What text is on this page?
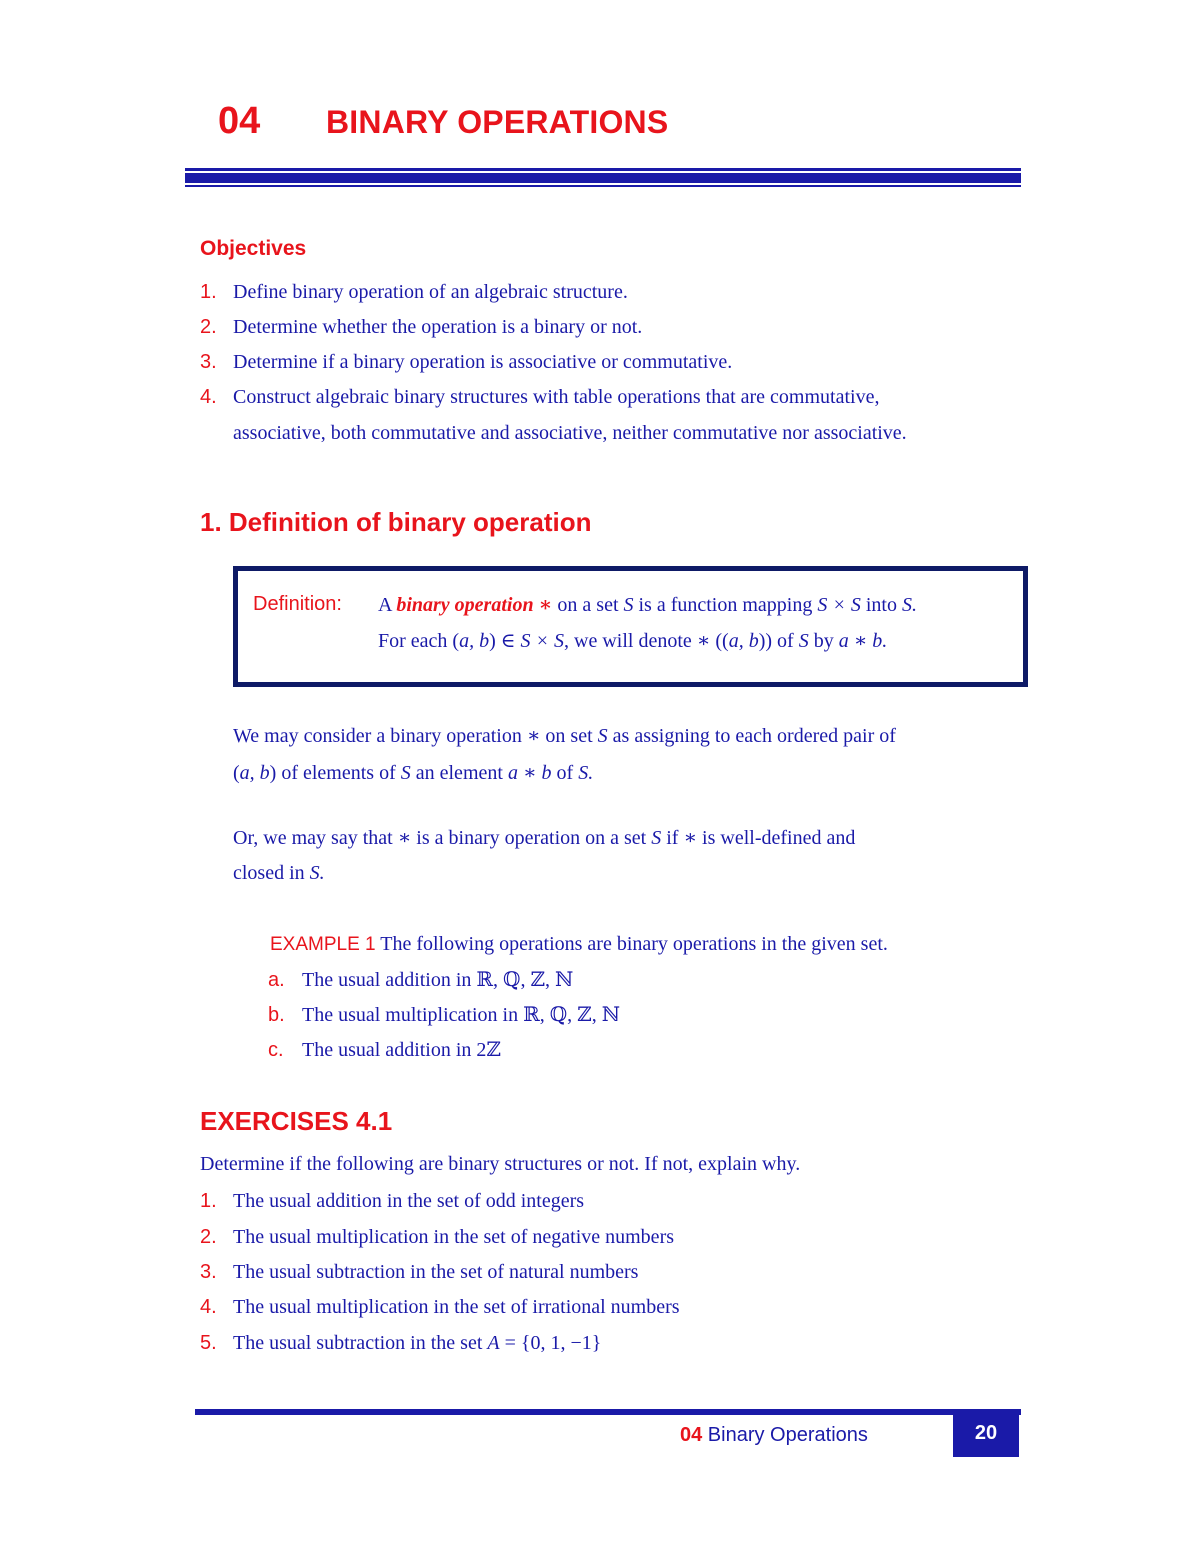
04 BINARY OPERATIONS
Objectives
1. Define binary operation of an algebraic structure.
2. Determine whether the operation is a binary or not.
3. Determine if a binary operation is associative or commutative.
4. Construct algebraic binary structures with table operations that are commutative,
associative, both commutative and associative, neither commutative nor associative.
1. Definition of binary operation
Definition: A binary operation ∗ on a set S is a function mapping S × S into S.
For each (a, b) ∈ S × S, we will denote ∗ ((a, b)) of S by a ∗ b.
We may consider a binary operation ∗ on set S as assigning to each ordered pair of
(a, b) of elements of S an element a ∗ b of S.
Or, we may say that ∗ is a binary operation on a set S if ∗ is well-defined and
closed in S.
EXAMPLE 1 The following operations are binary operations in the given set.
a. The usual addition in ℝ, ℚ, ℤ, ℕ
b. The usual multiplication in ℝ, ℚ, ℤ, ℕ
c. The usual addition in 2ℤ
EXERCISES 4.1
Determine if the following are binary structures or not. If not, explain why.
1. The usual addition in the set of odd integers
2. The usual multiplication in the set of negative numbers
3. The usual subtraction in the set of natural numbers
4. The usual multiplication in the set of irrational numbers
5. The usual subtraction in the set A = {0, 1, −1}
04 Binary Operations	20
